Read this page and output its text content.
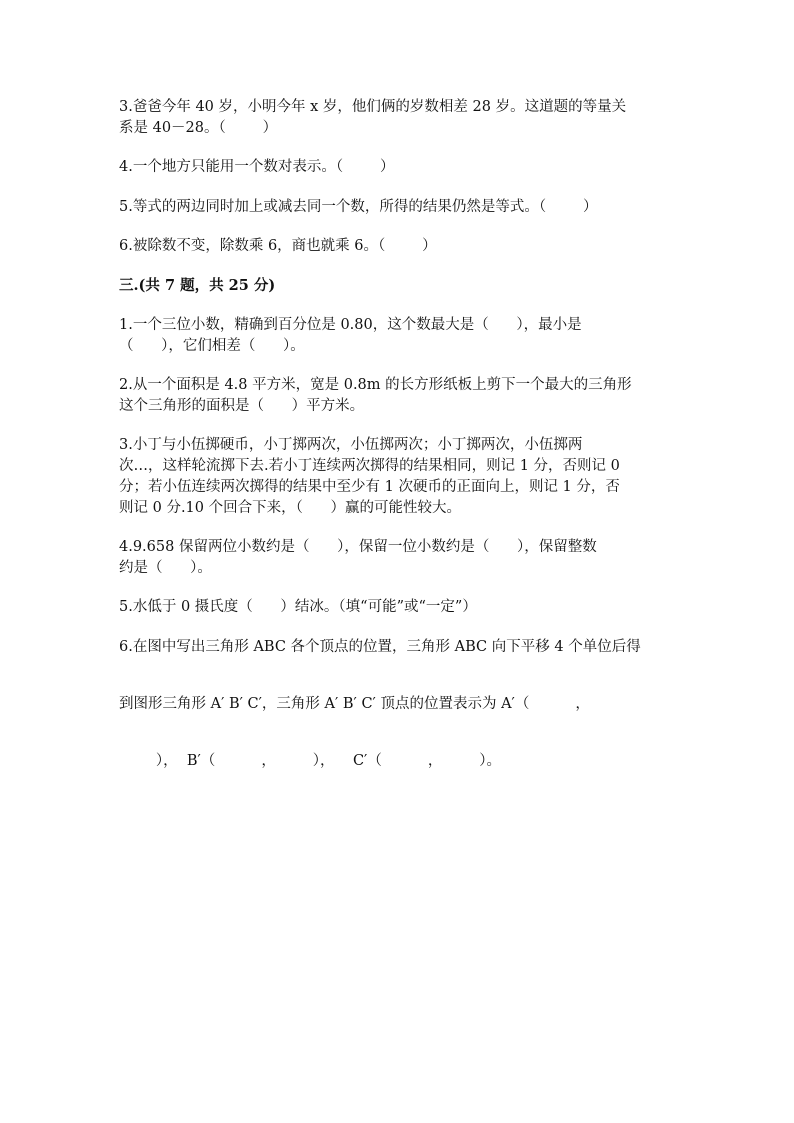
3.爸爸今年 40 岁，小明今年 x 岁，他们俩的岁数相差 28 岁。这道题的等量关

系是 40－28。（        ）

4.一个地方只能用一个数对表示。（        ）

5.等式的两边同时加上或减去同一个数，所得的结果仍然是等式。（        ）

6.被除数不变，除数乘 6，商也就乘 6。（        ）

三.(共 7 题，共 25 分)

1.一个三位小数，精确到百分位是 0.80，这个数最大是（      ），最小是

（      ），它们相差（      ）。

2.从一个面积是 4.8 平方米，宽是 0.8m 的长方形纸板上剪下一个最大的三角形

这个三角形的面积是（      ）平方米。

3.小丁与小伍掷硬币，小丁掷两次，小伍掷两次；小丁掷两次，小伍掷两

次…，这样轮流掷下去.若小丁连续两次掷得的结果相同，则记 1 分，否则记 0

分；若小伍连续两次掷得的结果中至少有 1 次硬币的正面向上，则记 1 分，否

则记 0 分.10 个回合下来，（      ）赢的可能性较大。

4.9.658 保留两位小数约是（      ），保留一位小数约是（      ），保留整数

约是（      ）。

5.水低于 0 摄氏度（      ）结冰。（填“可能”或“一定”）

6.在图中写出三角形 ABC 各个顶点的位置，三角形 ABC 向下平移 4 个单位后得

到图形三角形 A′ B′ C′，三角形 A′ B′ C′ 顶点的位置表示为 A′（          ，

），  B′（          ，        ），    C′（          ，        ）。
